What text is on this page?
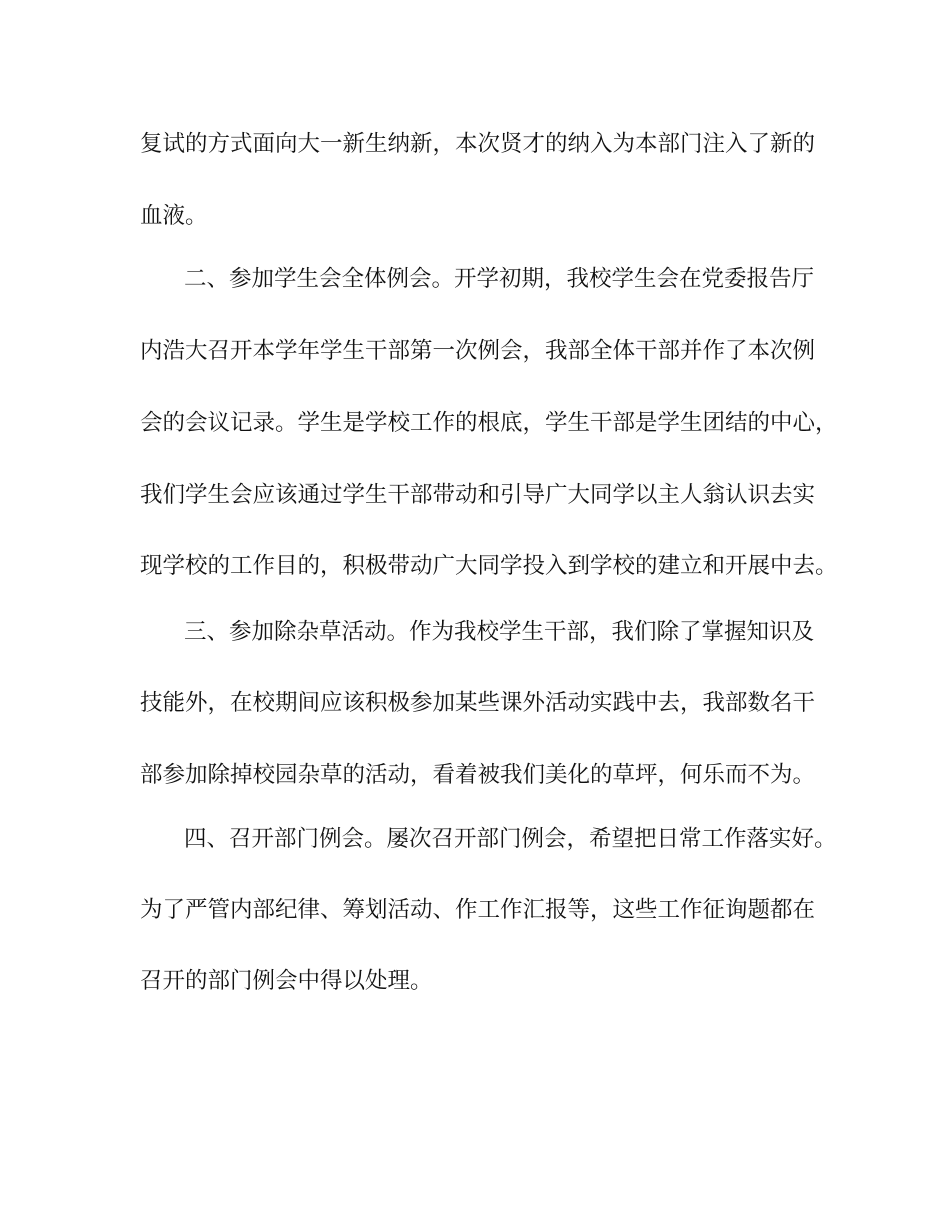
复试的方式面向大一新生纳新，本次贤才的纳入为本部门注入了新的
血液。
二、参加学生会全体例会。开学初期，我校学生会在党委报告厅
内浩大召开本学年学生干部第一次例会，我部全体干部并作了本次例
会的会议记录。学生是学校工作的根底，学生干部是学生团结的中心，
我们学生会应该通过学生干部带动和引导广大同学以主人翁认识去实
现学校的工作目的，积极带动广大同学投入到学校的建立和开展中去。
三、参加除杂草活动。作为我校学生干部，我们除了掌握知识及
技能外，在校期间应该积极参加某些课外活动实践中去，我部数名干
部参加除掉校园杂草的活动，看着被我们美化的草坪，何乐而不为。
四、召开部门例会。屡次召开部门例会，希望把日常工作落实好。
为了严管内部纪律、筹划活动、作工作汇报等，这些工作征询题都在
召开的部门例会中得以处理。
